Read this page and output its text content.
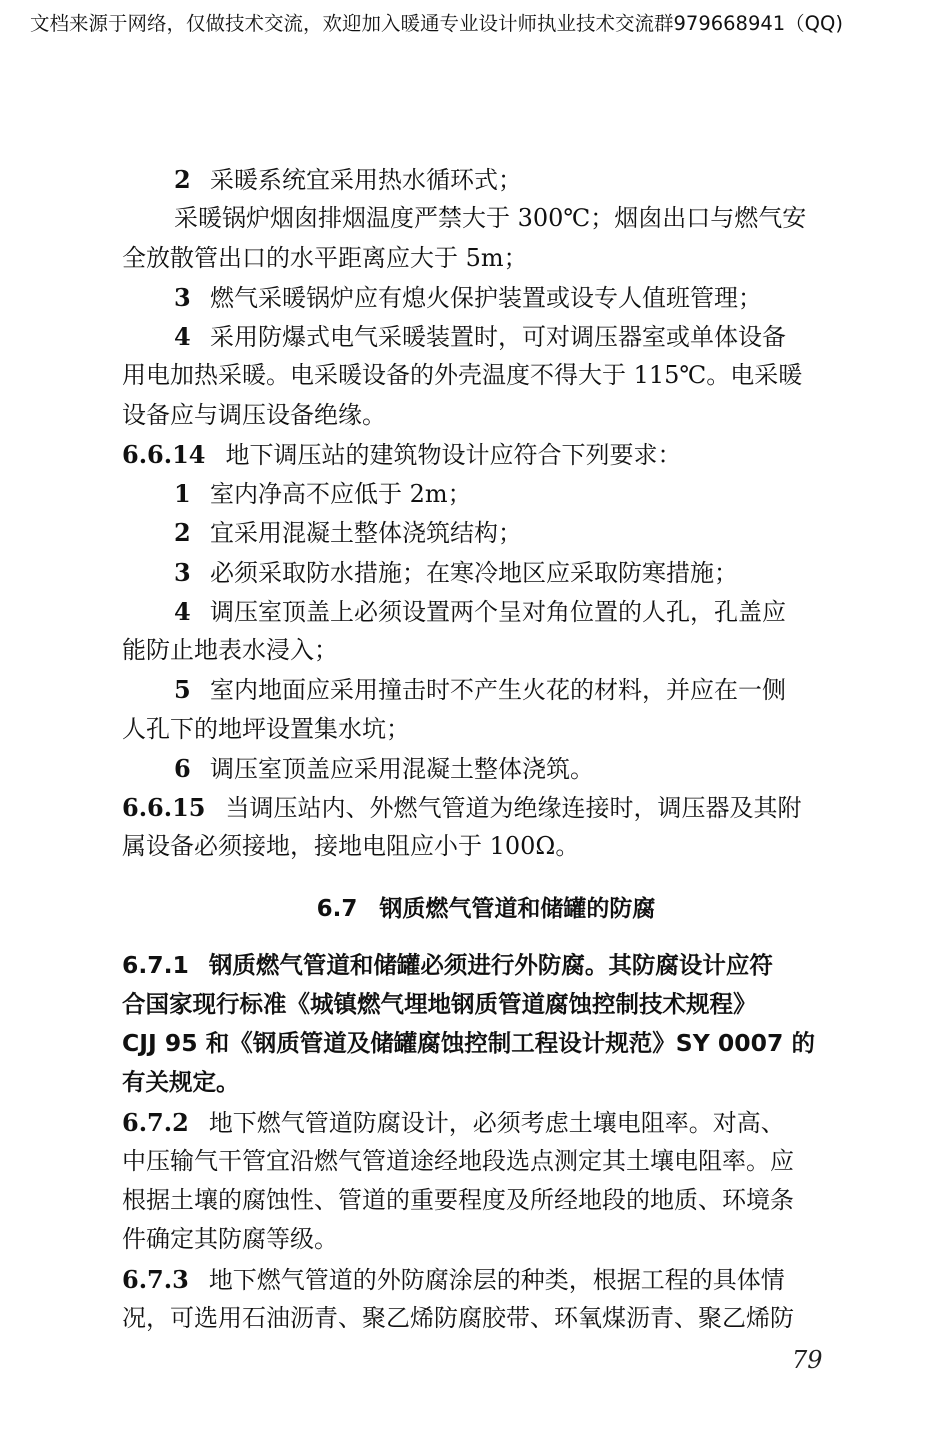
文档来源于网络，仅做技术交流，欢迎加入暖通专业设计师执业技术交流群979668941（QQ)
2 采暖系统宜采用热水循环式；
采暖锅炉烟囱排烟温度严禁大于 300℃；烟囱出口与燃气安
全放散管出口的水平距离应大于 5m；
3 燃气采暖锅炉应有熄火保护装置或设专人值班管理；
4 采用防爆式电气采暖装置时，可对调压器室或单体设备
用电加热采暖。电采暖设备的外壳温度不得大于 115℃。电采暖
设备应与调压设备绝缘。
6.6.14 地下调压站的建筑物设计应符合下列要求：
1 室内净高不应低于 2m；
2 宜采用混凝土整体浇筑结构；
3 必须采取防水措施；在寒冷地区应采取防寒措施；
4 调压室顶盖上必须设置两个呈对角位置的人孔，孔盖应
能防止地表水浸入；
5 室内地面应采用撞击时不产生火花的材料，并应在一侧
人孔下的地坪设置集水坑；
6 调压室顶盖应采用混凝土整体浇筑。
6.6.15 当调压站内、外燃气管道为绝缘连接时，调压器及其附
属设备必须接地，接地电阻应小于 100Ω。
6.7 钢质燃气管道和储罐的防腐
6.7.1 钢质燃气管道和储罐必须进行外防腐。其防腐设计应符
合国家现行标准《城镇燃气埋地钢质管道腐蚀控制技术规程》
CJJ 95 和《钢质管道及储罐腐蚀控制工程设计规范》SY 0007 的
有关规定。
6.7.2 地下燃气管道防腐设计，必须考虑土壤电阻率。对高、
中压输气干管宜沿燃气管道途经地段选点测定其土壤电阻率。应
根据土壤的腐蚀性、管道的重要程度及所经地段的地质、环境条
件确定其防腐等级。
6.7.3 地下燃气管道的外防腐涂层的种类，根据工程的具体情
况，可选用石油沥青、聚乙烯防腐胶带、环氧煤沥青、聚乙烯防
79
